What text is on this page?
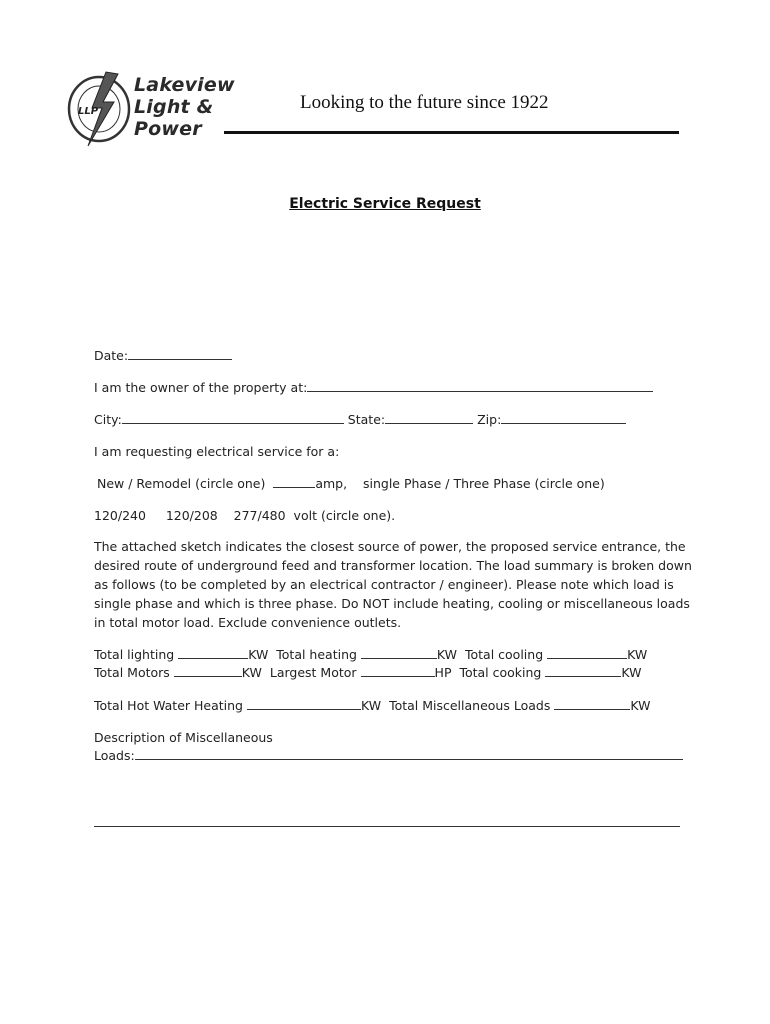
LLP
Lakeview
Light &
Power
Looking to the future since 1922
Electric Service Request
Date:
I am the owner of the property at:
City:	State:	Zip:
I am requesting electrical service for a:
New / Remodel (circle one)	amp, single Phase / Three Phase (circle one)
120/240 120/208 277/480 volt (circle one).
The attached sketch indicates the closest source of power, the proposed service entrance, the desired route of underground feed and transformer location. The load summary is broken down as follows (to be completed by an electrical contractor / engineer). Please note which load is single phase and which is three phase. Do NOT include heating, cooling or miscellaneous loads in total motor load. Exclude convenience outlets.
Total lighting	KW Total heating	KW Total cooling	KW
Total Motors	KW Largest Motor	HP Total cooking	KW
Total Hot Water Heating	KW Total Miscellaneous Loads	KW
Description of Miscellaneous
Loads:
